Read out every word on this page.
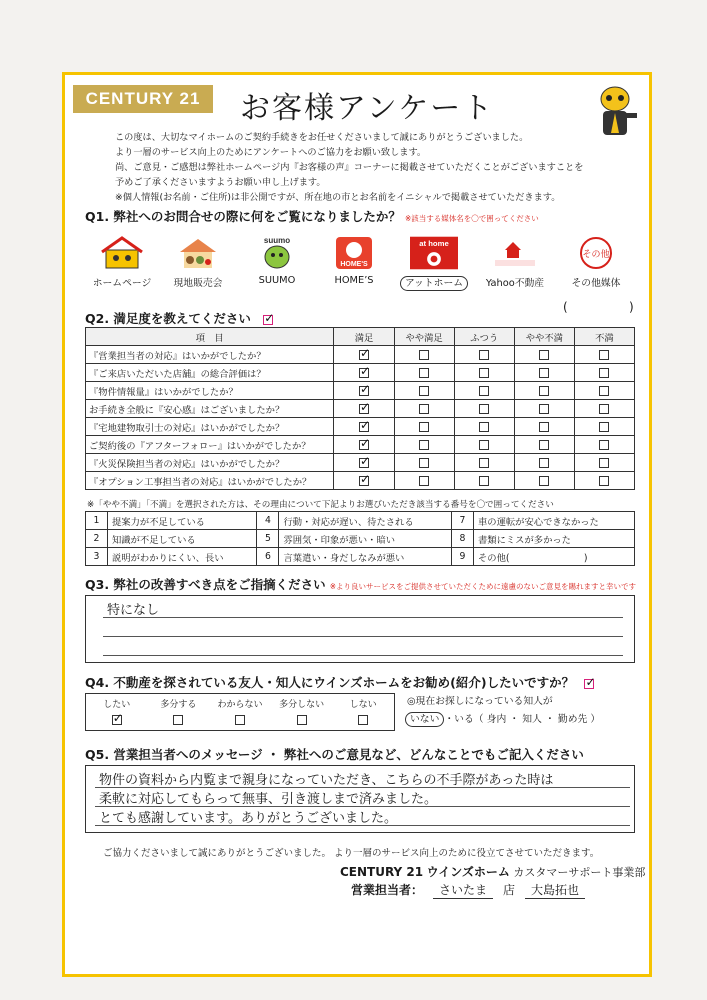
CENTURY 21	お客様アンケート

この度は、大切なマイホームのご契約手続きをお任せくださいまして誠にありがとうございました。

より一層のサービス向上のためにアンケートへのご協力をお願い致します。

尚、ご意見・ご感想は弊社ホームページ内『お客様の声』コーナーに掲載させていただくことがございますことを

予めご了承くださいますようお願い申し上げます。

※個人情報(お名前・ご住所)は非公開ですが、所在地の市とお名前をイニシャルで掲載させていただきます。

Q1. 弊社へのお問合せの際に何をご覧になりましたか？ ※該当する媒体名を〇で囲ってください
ホームページ	現地販売会
suumo
SUUMO
HOME'S
HOME’S
at home
アットホーム	Yahoo不動産
その他
その他媒体
(	)
Q2. 満足度を教えてください ✓
項　目	満足	やや満足	ふつう	やや不満	不満
『営業担当者の対応』はいかがでしたか？	✓				
『ご来店いただいた店舗』の総合評価は？	✓				
『物件情報量』はいかがでしたか？	✓				
お手続き全般に『安心感』はございましたか？	✓				
『宅地建物取引士の対応』はいかがでしたか？	✓				
ご契約後の『アフターフォロー』はいかがでしたか？	✓				
『火災保険担当者の対応』はいかがでしたか？	✓				
『オプション工事担当者の対応』はいかがでしたか？	✓				
※「やや不満」「不満」を選択された方は、その理由について下記よりお選びいただき該当する番号を〇で囲ってください
1	提案力が不足している	4	行動・対応が遅い、待たされる	7	車の運転が安心できなかった
2	知識が不足している	5	雰囲気・印象が悪い・暗い	8	書類にミスが多かった
3	説明がわかりにくい、長い	6	言葉遣い・身だしなみが悪い	9	その他(　　　　　　　　)
Q3. 弊社の改善すべき点をご指摘ください ※より良いサービスをご提供させていただくために遠慮のないご意見を賜れますと幸いです
特になし
Q4. 不動産を探されている友人・知人にウインズホームをお勧め(紹介)したいですか？ ✓
したい
✓	多分する	わからない	多分しない	しない	◎現在お探しになっている知人が
いない ・いる（ 身内 ・ 知人 ・ 勤め先 ）
Q5. 営業担当者へのメッセージ ・ 弊社へのご意見など、どんなことでもご記入ください
物件の資料から内覧まで親身になっていただき、こちらの不手際があった時は
柔軟に対応してもらって無事、引き渡しまで済みました。
とても感謝しています。ありがとうございました。
ご協力くださいまして誠にありがとうございました。 より一層のサービス向上のために役立てさせていただきます。
CENTURY 21 ウインズホーム カスタマーサポート事業部
営業担当者：	さいたま	店	大島拓也
